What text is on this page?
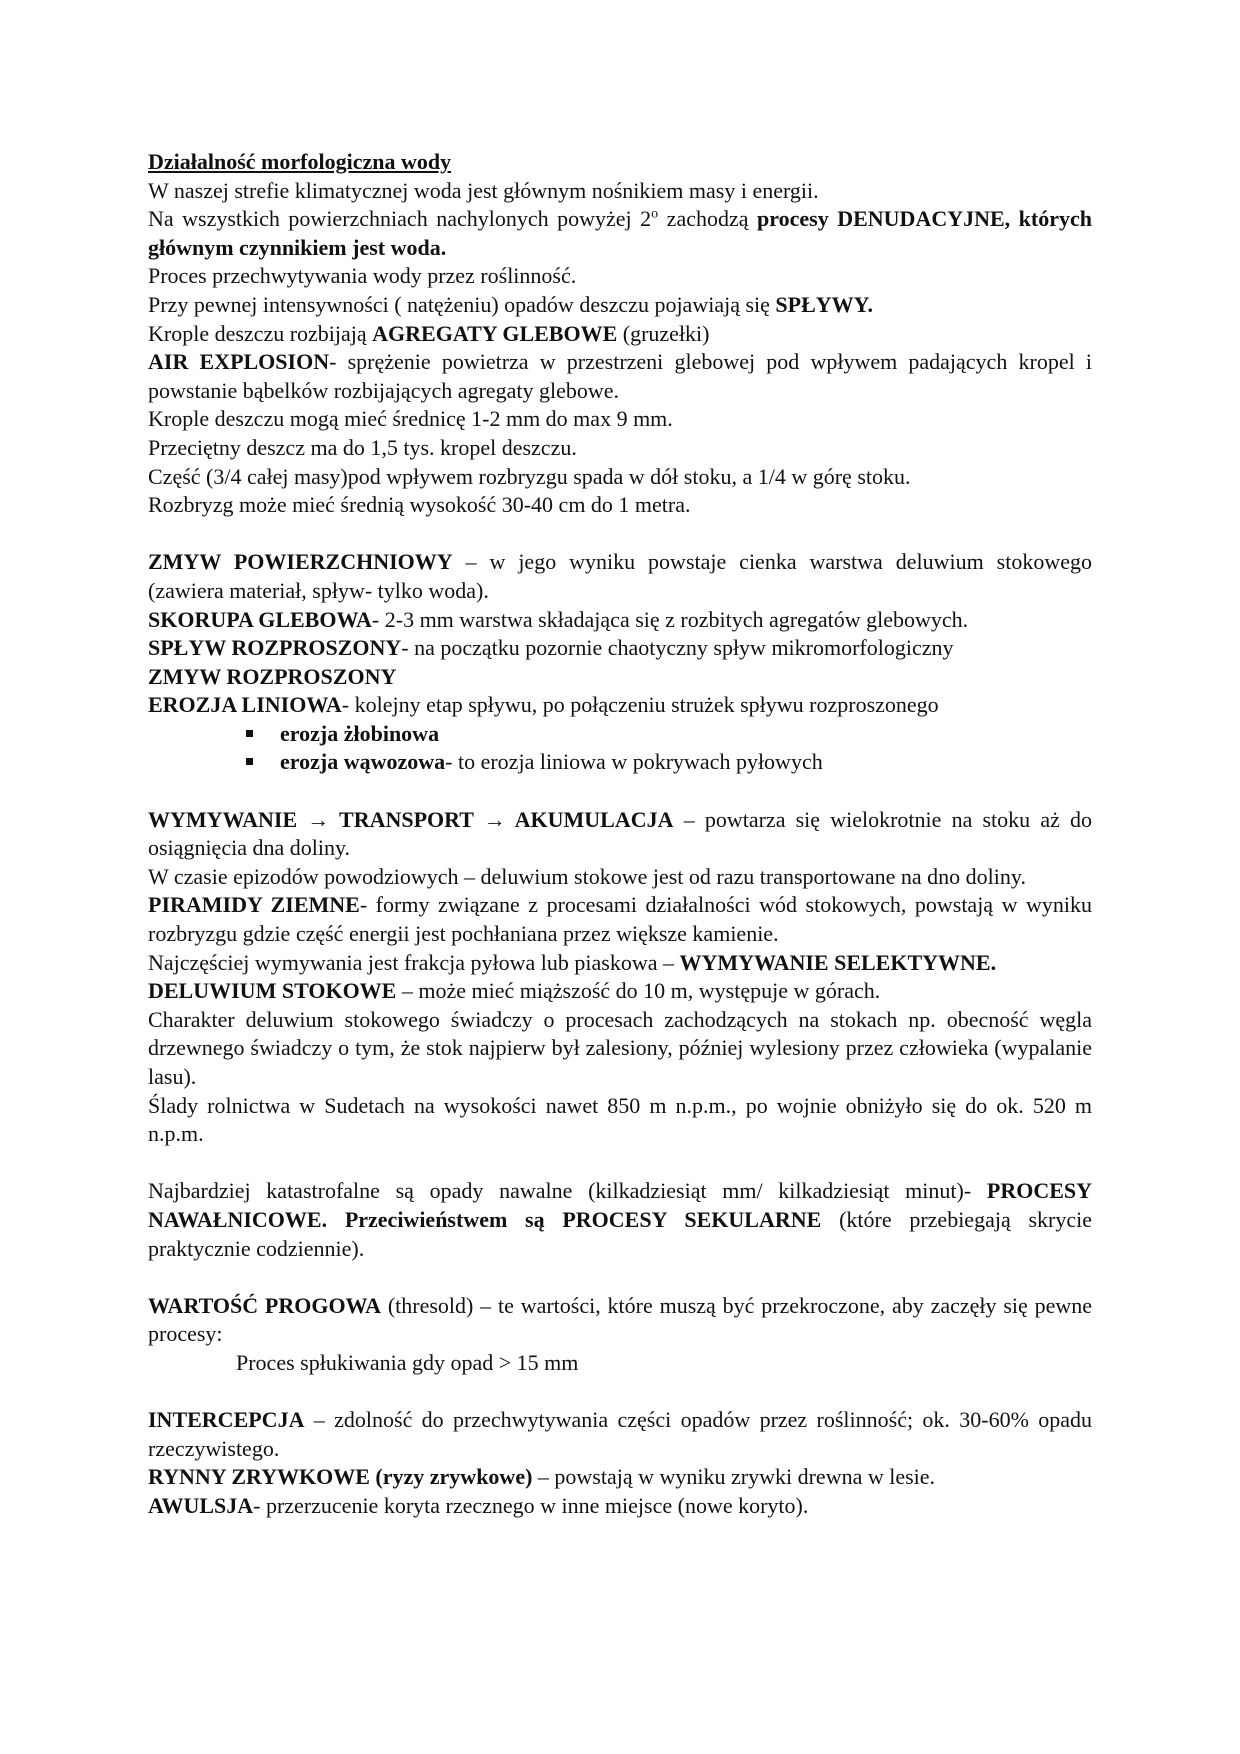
Działalność morfologiczna wody

W naszej strefie klimatycznej woda jest głównym nośnikiem masy i energii.

Na wszystkich powierzchniach nachylonych powyżej 2$^o$ zachodzą procesy DENUDACYJNE, których głównym czynnikiem jest woda.

Proces przechwytywania wody przez roślinność.

Przy pewnej intensywności ( natężeniu) opadów deszczu pojawiają się SPŁYWY.

Krople deszczu rozbijają AGREGATY GLEBOWE (gruzełki)

AIR EXPLOSION- sprężenie powietrza w przestrzeni glebowej pod wpływem padających kropel i powstanie bąbelków rozbijających agregaty glebowe.

Krople deszczu mogą mieć średnicę 1-2 mm do max 9 mm.

Przeciętny deszcz ma do 1,5 tys. kropel deszczu.

Część (3/4 całej masy)pod wpływem rozbryzgu spada w dół stoku, a 1/4 w górę stoku.

Rozbryzg może mieć średnią wysokość 30-40 cm do 1 metra.

ZMYW POWIERZCHNIOWY – w jego wyniku powstaje cienka warstwa deluwium stokowego (zawiera materiał, spływ- tylko woda).

SKORUPA GLEBOWA- 2-3 mm warstwa składająca się z rozbitych agregatów glebowych.

SPŁYW ROZPROSZONY- na początku pozornie chaotyczny spływ mikromorfologiczny

ZMYW ROZPROSZONY

EROZJA LINIOWA- kolejny etap spływu, po połączeniu strużek spływu rozproszonego

erozja żłobinowa
erozja wąwozowa- to erozja liniowa w pokrywach pyłowych

WYMYWANIE → TRANSPORT → AKUMULACJA – powtarza się wielokrotnie na stoku aż do osiągnięcia dna doliny.

W czasie epizodów powodziowych – deluwium stokowe jest od razu transportowane na dno doliny.

PIRAMIDY ZIEMNE- formy związane z procesami działalności wód stokowych, powstają w wyniku rozbryzgu gdzie część energii jest pochłaniana przez większe kamienie.

Najczęściej wymywania jest frakcja pyłowa lub piaskowa – WYMYWANIE SELEKTYWNE.

DELUWIUM STOKOWE – może mieć miąższość do 10 m, występuje w górach.

Charakter deluwium stokowego świadczy o procesach zachodzących na stokach np. obecność węgla drzewnego świadczy o tym, że stok najpierw był zalesiony, później wylesiony przez człowieka (wypalanie lasu).

Ślady rolnictwa w Sudetach na wysokości nawet 850 m n.p.m., po wojnie obniżyło się do ok. 520 m n.p.m.

Najbardziej katastrofalne są opady nawalne (kilkadziesiąt mm/ kilkadziesiąt minut)- PROCESY NAWAŁNICOWE. Przeciwieństwem są PROCESY SEKULARNE (które przebiegają skrycie praktycznie codziennie).

WARTOŚĆ PROGOWA (thresold) – te wartości, które muszą być przekroczone, aby zaczęły się pewne procesy:

Proces spłukiwania gdy opad > 15 mm

INTERCEPCJA – zdolność do przechwytywania części opadów przez roślinność; ok. 30-60% opadu rzeczywistego.

RYNNY ZRYWKOWE (ryzy zrywkowe) – powstają w wyniku zrywki drewna w lesie.

AWULSJA- przerzucenie koryta rzecznego w inne miejsce (nowe koryto).
